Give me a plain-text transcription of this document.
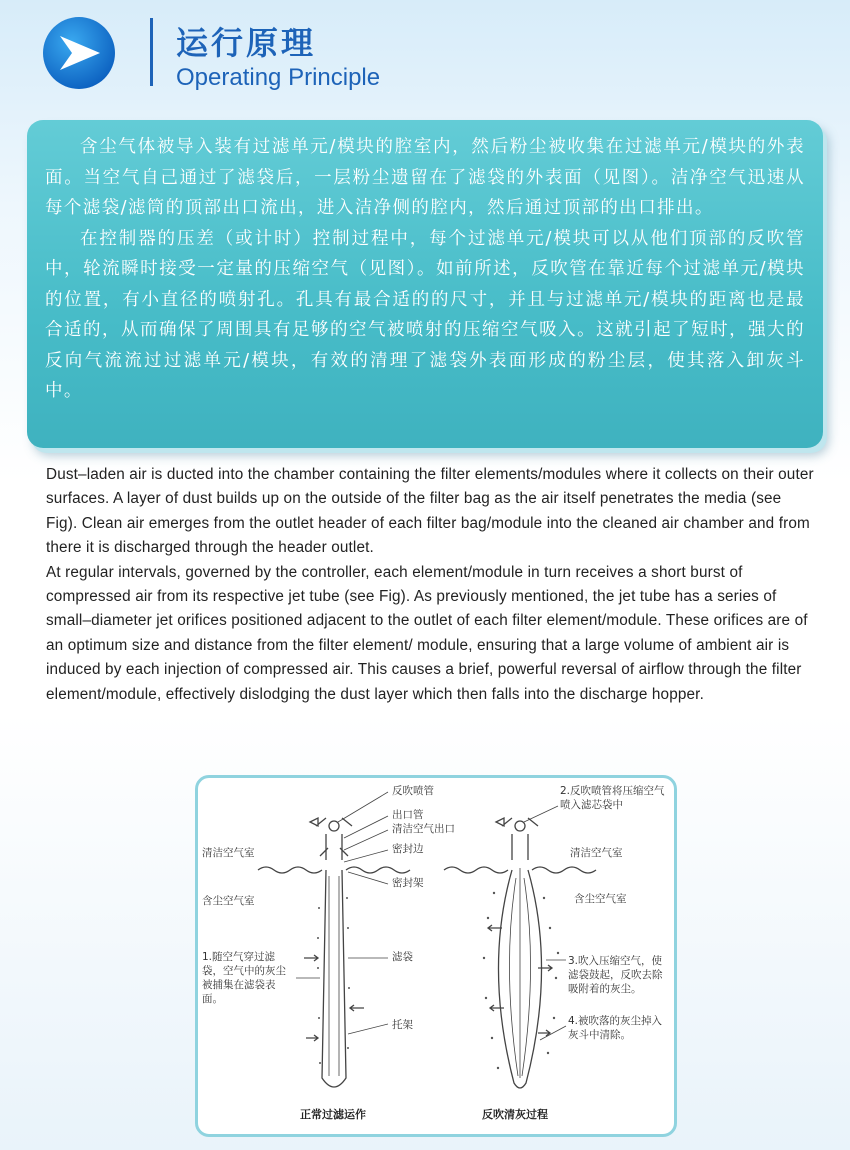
运行原理
Operating Principle

含尘气体被导入装有过滤单元/模块的腔室内，然后粉尘被收集在过滤单元/模块的外表面。当空气自己通过了滤袋后，一层粉尘遗留在了滤袋的外表面（见图）。洁净空气迅速从每个滤袋/滤筒的顶部出口流出，进入洁净侧的腔内，然后通过顶部的出口排出。

在控制器的压差（或计时）控制过程中，每个过滤单元/模块可以从他们顶部的反吹管中，轮流瞬时接受一定量的压缩空气（见图）。如前所述，反吹管在靠近每个过滤单元/模块的位置，有小直径的喷射孔。孔具有最合适的的尺寸，并且与过滤单元/模块的距离也是最合适的，从而确保了周围具有足够的空气被喷射的压缩空气吸入。这就引起了短时，强大的反向气流流过过滤单元/模块，有效的清理了滤袋外表面形成的粉尘层，使其落入卸灰斗中。

Dust–laden air is ducted into the chamber containing the filter elements/modules where it collects on their outer surfaces. A layer of dust builds up on the outside of the filter bag as the air itself penetrates the media (see Fig). Clean air emerges from the outlet header of each filter bag/module into the cleaned air chamber and from there it is discharged through the header outlet.

At regular intervals, governed by the controller, each element/module in turn receives a short burst of compressed air from its respective jet tube (see Fig). As previously mentioned, the jet tube has a series of small–diameter jet orifices positioned adjacent to the outlet of each filter element/module. These orifices are of an optimum size and distance from the filter element/ module, ensuring that a large volume of ambient air is induced by each injection of compressed air. This causes a brief, powerful reversal of airflow through the filter element/module, effectively dislodging the dust layer which then falls into the discharge hopper.

反吹喷管
出口管
清洁空气出口
密封边
密封架
滤袋
托架
清洁空气室
含尘空气室
1.随空气穿过滤袋，空气中的灰尘被捕集在滤袋表面。
正常过滤运作
2.反吹喷管将压缩空气喷入滤芯袋中
清洁空气室
含尘空气室
3.吹入压缩空气，使滤袋鼓起，反吹去除吸附着的灰尘。
4.被吹落的灰尘掉入灰斗中清除。
反吹清灰过程
